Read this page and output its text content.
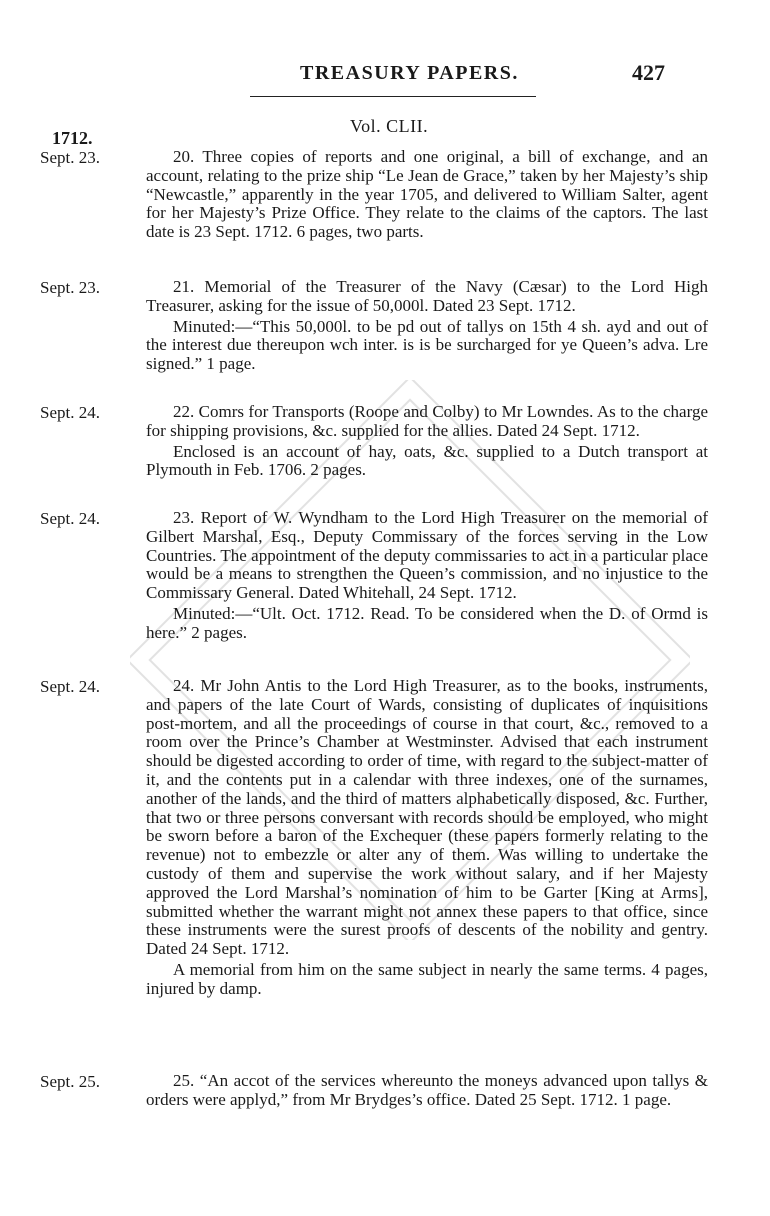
TREASURY PAPERS.	427
Vol. CLII.
1712.
Sept. 23.	20. Three copies of reports and one original, a bill of exchange, and an account, relating to the prize ship “Le Jean de Grace,” taken by her Majesty’s ship “Newcastle,” apparently in the year 1705, and delivered to William Salter, agent for her Majesty’s Prize Office. They relate to the claims of the captors. The last date is 23 Sept. 1712. 6 pages, two parts.

Sept. 23.	21. Memorial of the Treasurer of the Navy (Cæsar) to the Lord High Treasurer, asking for the issue of 50,000l. Dated 23 Sept. 1712.

Minuted:—“This 50,000l. to be pd out of tallys on 15th 4 sh. ayd and out of the interest due thereupon wch inter. is is be surcharged for ye Queen’s adva. Lre signed.” 1 page.

Sept. 24.	22. Comrs for Transports (Roope and Colby) to Mr Lowndes. As to the charge for shipping provisions, &c. supplied for the allies. Dated 24 Sept. 1712.

Enclosed is an account of hay, oats, &c. supplied to a Dutch transport at Plymouth in Feb. 1706. 2 pages.

Sept. 24.	23. Report of W. Wyndham to the Lord High Treasurer on the memorial of Gilbert Marshal, Esq., Deputy Commissary of the forces serving in the Low Countries. The appointment of the deputy commissaries to act in a particular place would be a means to strengthen the Queen’s commission, and no injustice to the Commissary General. Dated Whitehall, 24 Sept. 1712.

Minuted:—“Ult. Oct. 1712. Read. To be considered when the D. of Ormd is here.” 2 pages.

Sept. 24.	24. Mr John Antis to the Lord High Treasurer, as to the books, instruments, and papers of the late Court of Wards, consisting of duplicates of inquisitions post-mortem, and all the proceedings of course in that court, &c., removed to a room over the Prince’s Chamber at Westminster. Advised that each instrument should be digested according to order of time, with regard to the subject-matter of it, and the contents put in a calendar with three indexes, one of the surnames, another of the lands, and the third of matters alphabetically disposed, &c. Further, that two or three persons conversant with records should be employed, who might be sworn before a baron of the Exchequer (these papers formerly relating to the revenue) not to embezzle or alter any of them. Was willing to undertake the custody of them and supervise the work without salary, and if her Majesty approved the Lord Marshal’s nomination of him to be Garter [King at Arms], submitted whether the warrant might not annex these papers to that office, since these instruments were the surest proofs of descents of the nobility and gentry. Dated 24 Sept. 1712.

A memorial from him on the same subject in nearly the same terms. 4 pages, injured by damp.

Sept. 25.	25. “An accot of the services whereunto the moneys advanced upon tallys & orders were applyd,” from Mr Brydges’s office. Dated 25 Sept. 1712. 1 page.
